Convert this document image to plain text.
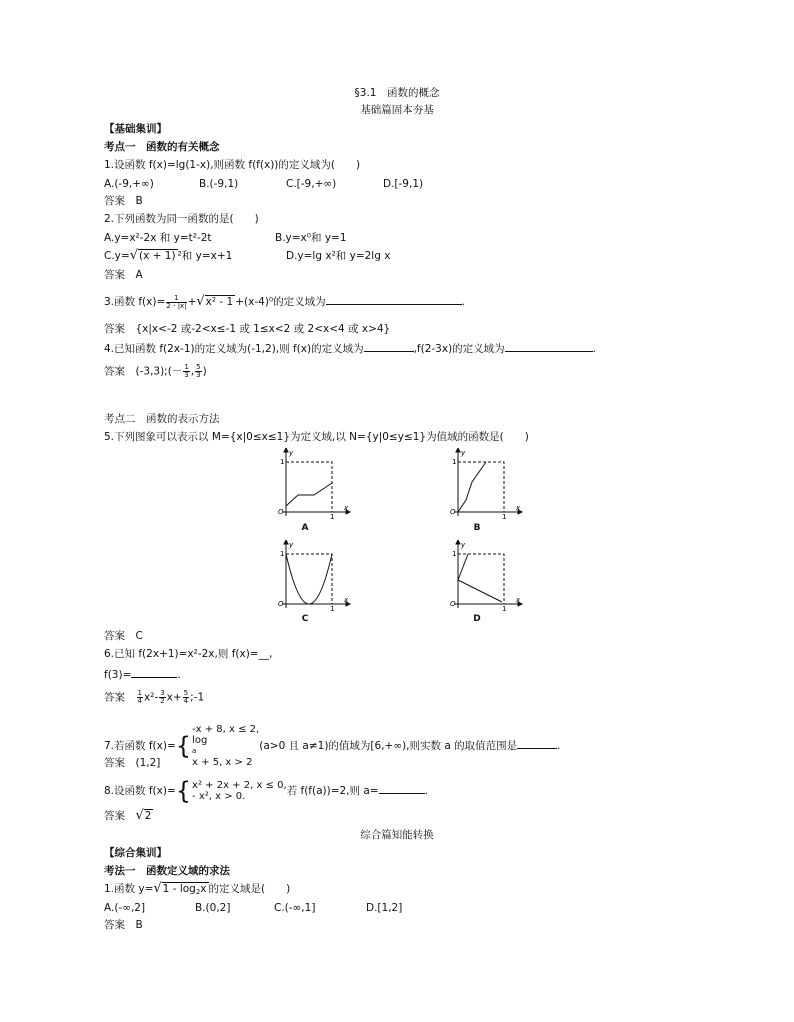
§3.1　函数的概念
基础篇固本夯基
【基础集训】
考点一　函数的有关概念
1.设函数 f(x)=lg(1-x),则函数 f(f(x))的定义域为(　　)
A.(-9,+∞)	B.(-9,1)	C.[-9,+∞)	D.[-9,1)
答案　 B
2.下列函数为同一函数的是(　　)
A.y=x²-2x 和 y=t²-2t	B.y=x⁰和 y=1
C.y=√(x + 1) ²和 y=x+1	D.y=lg x²和 y=2lg x
答案　 A
3.函数 $f(x)= \frac{1}{2 - |x|} +√x^2 - 1 +(x-4)^0$的定义域为	.
答案　 {x|x<-2 或-2<x≤-1 或 1≤x<2 或 2<x<4 或 x>4}
4.已知函数 f(2x-1)的定义域为(-1,2),则 f(x)的定义域为	,f(2-3x)的定义域为	.
答案　 (-3,3);(－ $\frac{1}{3}$ , $\frac{5}{3}$ )
考点二　函数的表示方法
5.下列图象可以表示以 M={x|0≤x≤1}为定义域,以 N={y|0≤y≤1}为值域的函数是(　　)
O
1
1
x
y
A
O
1
1
x
y
B
O
1
1
x
y
C
O
1
1
x
y
D
答案　 C
6.已知 f(2x+1)=x²-2x,则 f(x)=__,
f(3)=	.
答案　 $\frac{1}{4} x^2- \frac{3}{2} x+ \frac{5}{4}$ ;-1
7.若函数 f(x)={
-x + 8, x ≤ 2,
log
a
x + 5, x > 2
(a>0 且 a≠1)的值域为[6,+∞),则实数 a 的取值范围是	.
答案　 (1,2]
8.设函数 f(x)={ x² + 2x + 2, x ≤ 0,
- x², x > 0.	若 f(f(a))=2,则 a=	.
答案　 √2
综合篇知能转换
【综合集训】
考法一　函数定义域的求法
1.函数 $y=√1 - \log_2x$ 的定义域是(　　)
A.(-∞,2]	B.(0,2]	C.(-∞,1]	D.[1,2]
答案　 B
